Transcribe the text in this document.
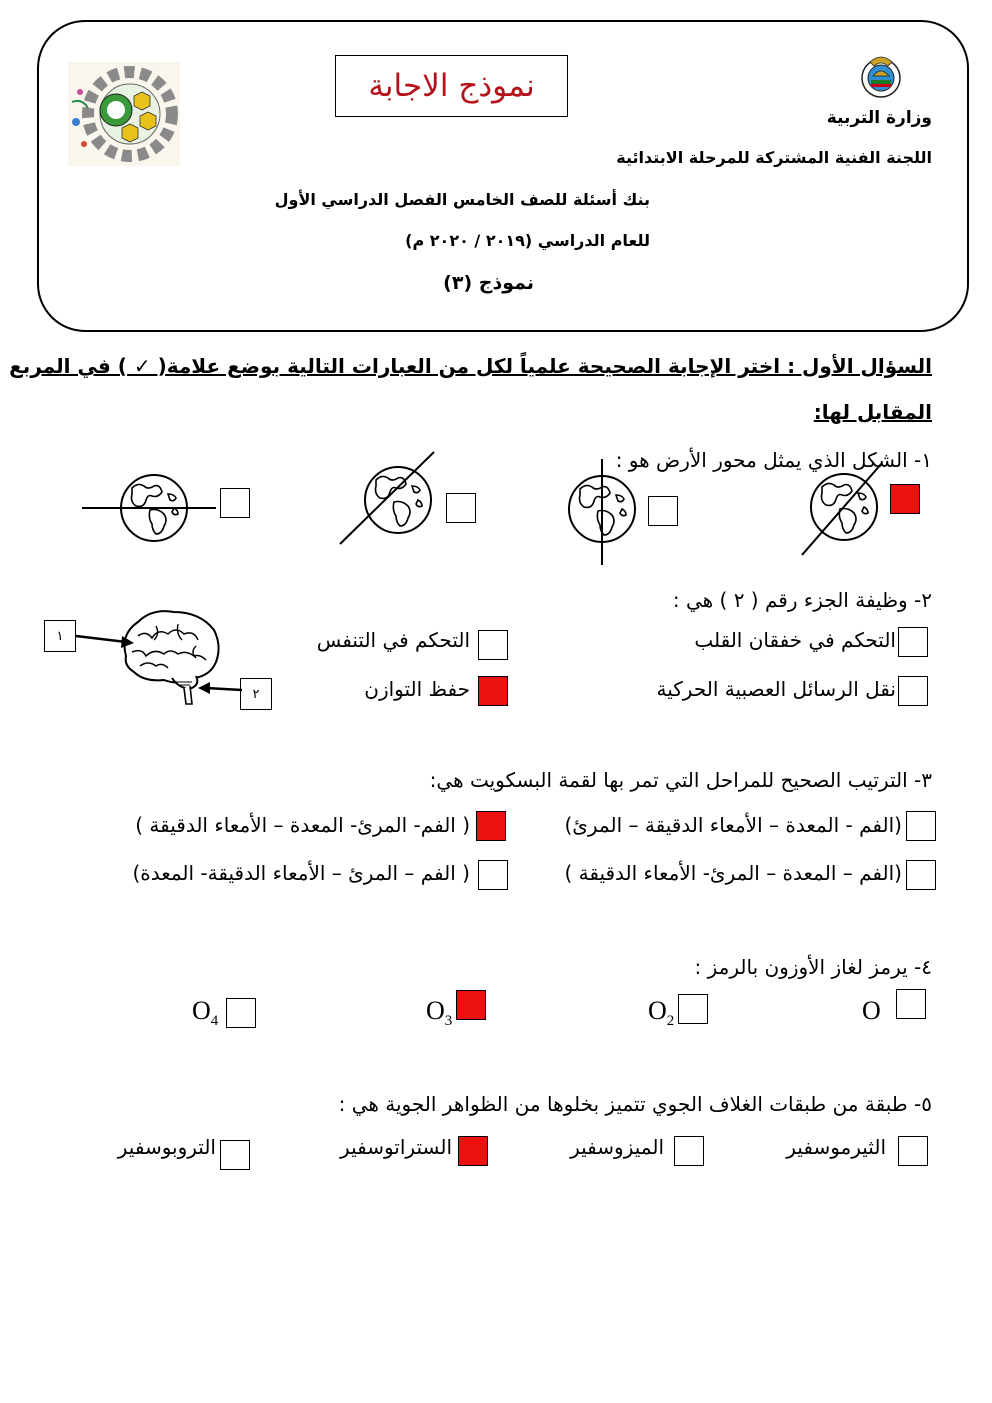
نموذج الاجابة
وزارة التربية
اللجنة الفنية المشتركة للمرحلة الابتدائية
بنك أسئلة للصف الخامس الفصل الدراسي الأول
للعام الدراسي (٢٠١٩ / ٢٠٢٠ م)
نموذج (٣)
السؤال الأول : اختر الإجابة الصحيحة علمياً لكل من العبارات التالية بوضع علامة( ✓ ) في المربع
المقابل لها:
١- الشكل الذي يمثل محور الأرض هو :
٢- وظيفة الجزء رقم ( ٢ ) هي :
التحكم في خفقان القلب
التحكم في التنفس
نقل الرسائل العصبية الحركية
حفظ التوازن
١
٢
٣- الترتيب الصحيح للمراحل التي تمر بها لقمة البسكويت هي:
(الفم - المعدة – الأمعاء الدقيقة – المرئ)
( الفم- المرئ- المعدة – الأمعاء الدقيقة )
(الفم – المعدة – المرئ- الأمعاء الدقيقة )
( الفم – المرئ – الأمعاء الدقيقة- المعدة)
٤- يرمز لغاز الأوزون بالرمز :
O
$O_2$
$O_3$
$O_4$
٥- طبقة من طبقات الغلاف الجوي تتميز بخلوها من الظواهر الجوية هي :
الثيرموسفير
الميزوسفير
الستراتوسفير
التروبوسفير
